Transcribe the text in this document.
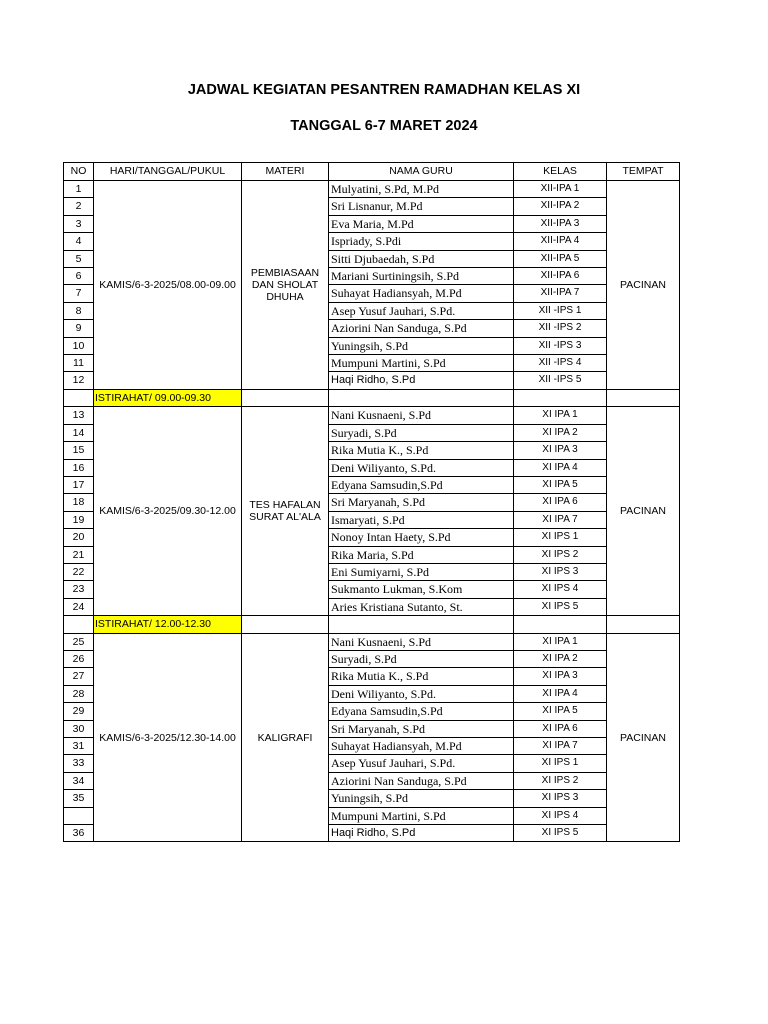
JADWAL KEGIATAN PESANTREN RAMADHAN KELAS XI
TANGGAL 6-7 MARET 2024
NO	HARI/TANGGAL/PUKUL	MATERI	NAMA GURU	KELAS	TEMPAT
1	KAMIS/6-3-2025/08.00-09.00	PEMBIASAAN DAN SHOLAT DHUHA	Mulyatini, S.Pd, M.Pd	XII-IPA 1	PACINAN
2			Sri Lisnanur, M.Pd	XII-IPA 2	
3			Eva Maria, M.Pd	XII-IPA 3	
4			Ispriady, S.Pdi	XII-IPA 4	
5			Sitti Djubaedah, S.Pd	XII-IPA 5	
6			Mariani Surtiningsih, S.Pd	XII-IPA 6	
7			Suhayat Hadiansyah, M.Pd	XII-IPA 7	
8			Asep Yusuf Jauhari, S.Pd.	XII -IPS 1	
9			Aziorini Nan Sanduga, S.Pd	XII -IPS 2	
10			Yuningsih, S.Pd	XII -IPS 3	
11			Mumpuni Martini, S.Pd	XII -IPS 4	
12			Haqi Ridho, S.Pd	XII -IPS 5	
	ISTIRAHAT/ 09.00-09.30				
13	KAMIS/6-3-2025/09.30-12.00	TES HAFALAN SURAT AL'ALA	Nani Kusnaeni, S.Pd	XI IPA 1	PACINAN
14			Suryadi, S.Pd	XI IPA 2	
15			Rika Mutia K., S.Pd	XI IPA 3	
16			Deni Wiliyanto, S.Pd.	XI IPA 4	
17			Edyana Samsudin,S.Pd	XI IPA 5	
18			Sri Maryanah, S.Pd	XI IPA 6	
19			Ismaryati, S.Pd	XI IPA 7	
20			Nonoy Intan Haety, S.Pd	XI IPS 1	
21			Rika Maria, S.Pd	XI IPS 2	
22			Eni Sumiyarni, S.Pd	XI IPS 3	
23			Sukmanto Lukman, S.Kom	XI IPS 4	
24			Aries Kristiana Sutanto, St.	XI IPS 5	
	ISTIRAHAT/ 12.00-12.30				
25	KAMIS/6-3-2025/12.30-14.00	KALIGRAFI	Nani Kusnaeni, S.Pd	XI IPA 1	PACINAN
26			Suryadi, S.Pd	XI IPA 2	
27			Rika Mutia K., S.Pd	XI IPA 3	
28			Deni Wiliyanto, S.Pd.	XI IPA 4	
29			Edyana Samsudin,S.Pd	XI IPA 5	
30			Sri Maryanah, S.Pd	XI IPA 6	
31			Suhayat Hadiansyah, M.Pd	XI IPA 7	
33			Asep Yusuf Jauhari, S.Pd.	XI IPS 1	
34			Aziorini Nan Sanduga, S.Pd	XI IPS 2	
35			Yuningsih, S.Pd	XI IPS 3	
			Mumpuni Martini, S.Pd	XI IPS 4	
36			Haqi Ridho, S.Pd	XI IPS 5	
